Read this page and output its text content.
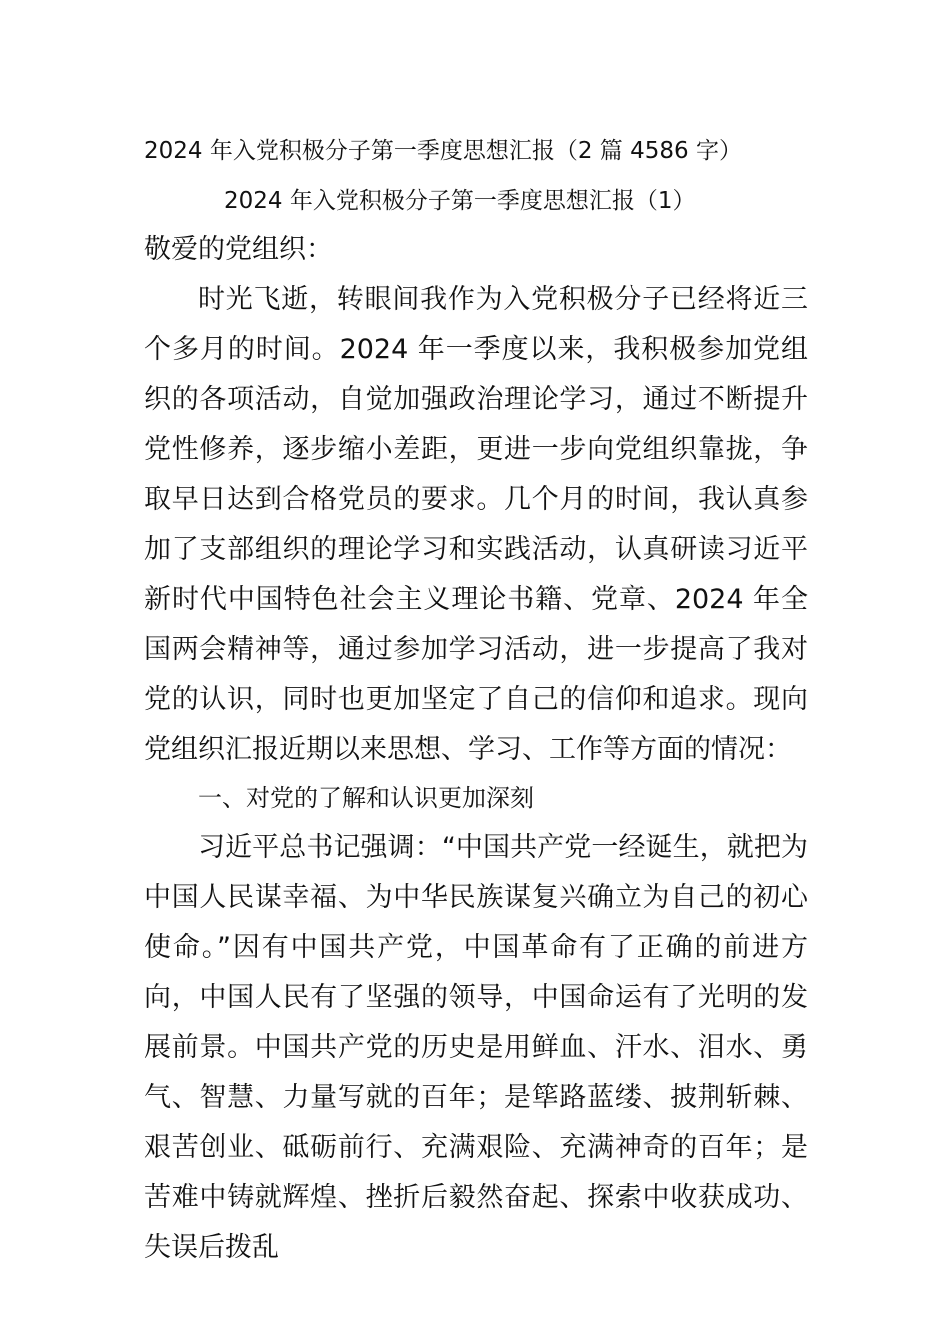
2024 年入党积极分子第一季度思想汇报（2 篇 4586 字）
2024 年入党积极分子第一季度思想汇报（1）
敬爱的党组织：

时光飞逝，转眼间我作为入党积极分子已经将近三个多月的时间。2024 年一季度以来，我积极参加党组织的各项活动，自觉加强政治理论学习，通过不断提升党性修养，逐步缩小差距，更进一步向党组织靠拢，争取早日达到合格党员的要求。几个月的时间，我认真参加了支部组织的理论学习和实践活动，认真研读习近平新时代中国特色社会主义理论书籍、党章、2024 年全国两会精神等，通过参加学习活动，进一步提高了我对党的认识，同时也更加坚定了自己的信仰和追求。现向党组织汇报近期以来思想、学习、工作等方面的情况：

一、对党的了解和认识更加深刻

习近平总书记强调：“中国共产党一经诞生，就把为中国人民谋幸福、为中华民族谋复兴确立为自己的初心使命。”因有中国共产党，中国革命有了正确的前进方向，中国人民有了坚强的领导，中国命运有了光明的发展前景。中国共产党的历史是用鲜血、汗水、泪水、勇气、智慧、力量写就的百年；是筚路蓝缕、披荆斩棘、艰苦创业、砥砺前行、充满艰险、充满神奇的百年；是苦难中铸就辉煌、挫折后毅然奋起、探索中收获成功、失误后拨乱
